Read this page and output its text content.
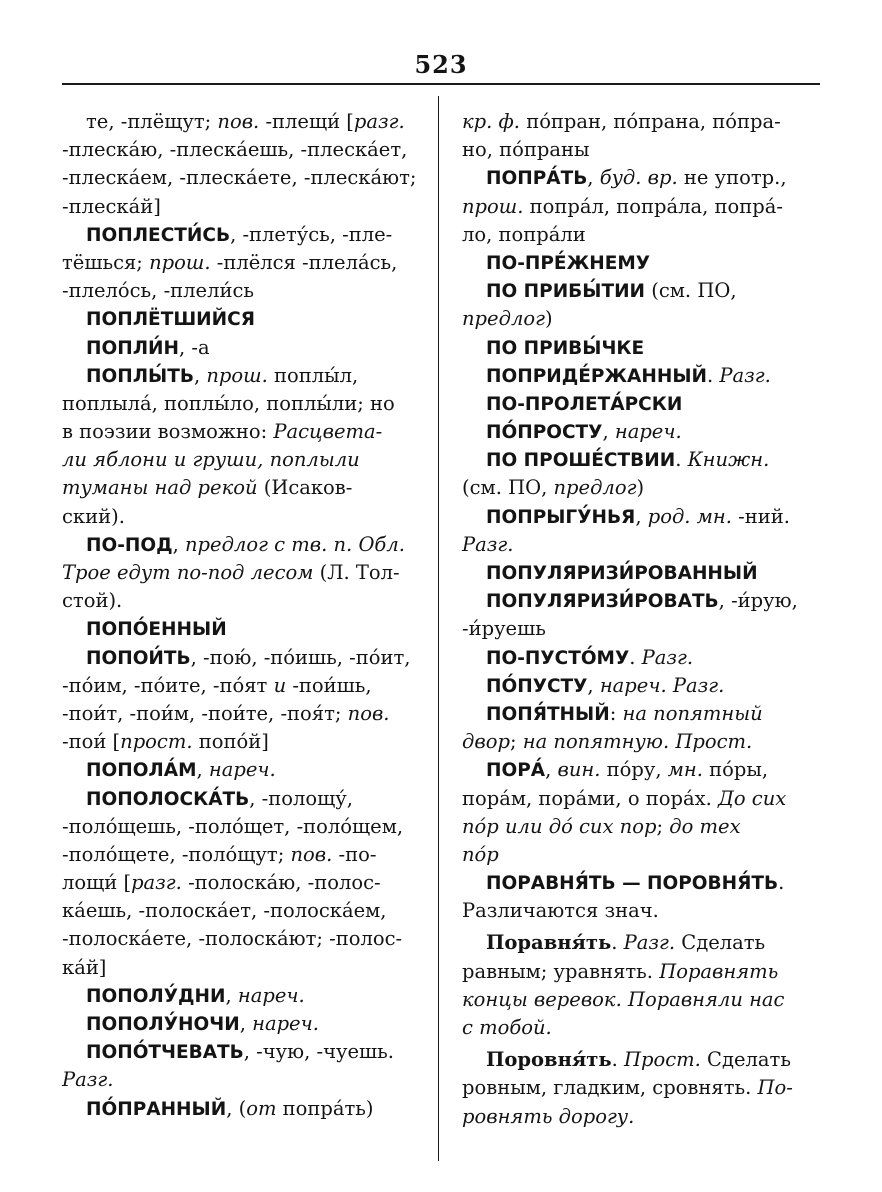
523
те, -плёщут; пов. -плещи́ [разг.
-плеска́ю, -плеска́ешь, -плеска́ет,
-плеска́ем, -плеска́ете, -плеска́ют;
-плеска́й]
ПОПЛЕСТИ́СЬ, -плету́сь, -пле-
тёшься; прош. -плёлся -плела́сь,
-плело́сь, -плели́сь
ПОПЛЁТШИЙСЯ
ПОПЛИ́Н, -а
ПОПЛЫ́ТЬ, прош. поплы́л,
поплыла́, поплы́ло, поплы́ли; но
в поэзии возможно: Расцвета-
ли яблони и груши, поплыли
туманы над рекой (Исаков-
ский).
ПО-ПОД, предлог с тв. п. Обл.
Трое едут по-под лесом (Л. Тол-
стой).
ПОПО́ЕННЫЙ
ПОПОИ́ТЬ, -пою́, -по́ишь, -по́ит,
-по́им, -по́ите, -по́ят и -пои́шь,
-пои́т, -пои́м, -пои́те, -поя́т; пов.
-пои́ [прост. попо́й]
ПОПОЛА́М, нареч.
ПОПОЛОСКА́ТЬ, -полощу́,
-поло́щешь, -поло́щет, -поло́щем,
-поло́щете, -поло́щут; пов. -по-
лощи́ [разг. -полоска́ю, -полос-
ка́ешь, -полоска́ет, -полоска́ем,
-полоска́ете, -полоска́ют; -полос-
ка́й]
ПОПОЛУ́ДНИ, нареч.
ПОПОЛУ́НОЧИ, нареч.
ПОПО́ТЧЕВАТЬ, -чую, -чуешь.
Разг.
ПО́ПРАННЫЙ, (от попра́ть)
кр. ф. по́пран, по́прана, по́пра-
но, по́праны
ПОПРА́ТЬ, буд. вр. не употр.,
прош. попра́л, попра́ла, попра́-
ло, попра́ли
ПО-ПРЕ́ЖНЕМУ
ПО ПРИБЫ́ТИИ (см. ПО,
предлог)
ПО ПРИВЫ́ЧКЕ
ПОПРИДЕ́РЖАННЫЙ. Разг.
ПО-ПРОЛЕТА́РСКИ
ПО́ПРОСТУ, нареч.
ПО ПРОШЕ́СТВИИ. Книжн.
(см. ПО, предлог)
ПОПРЫГУ́НЬЯ, род. мн. -ний.
Разг.
ПОПУЛЯРИЗИ́РОВАННЫЙ
ПОПУЛЯРИЗИ́РОВАТЬ, -и́рую,
-и́руешь
ПО-ПУСТО́МУ. Разг.
ПО́ПУСТУ, нареч. Разг.
ПОПЯ́ТНЫЙ: на попятный
двор; на попятную. Прост.
ПОРА́, вин. по́ру, мн. по́ры,
пора́м, пора́ми, о пора́х. До сих
по́р или до́ сих пор; до тех
по́р
ПОРАВНЯ́ТЬ — ПОРОВНЯ́ТЬ.
Различаются знач.
Поравня́ть. Разг. Сделать
равным; уравнять. Поравнять
концы веревок. Поравняли нас
с тобой.
Поровня́ть. Прост. Сделать
ровным, гладким, сровнять. По-
ровнять дорогу.
